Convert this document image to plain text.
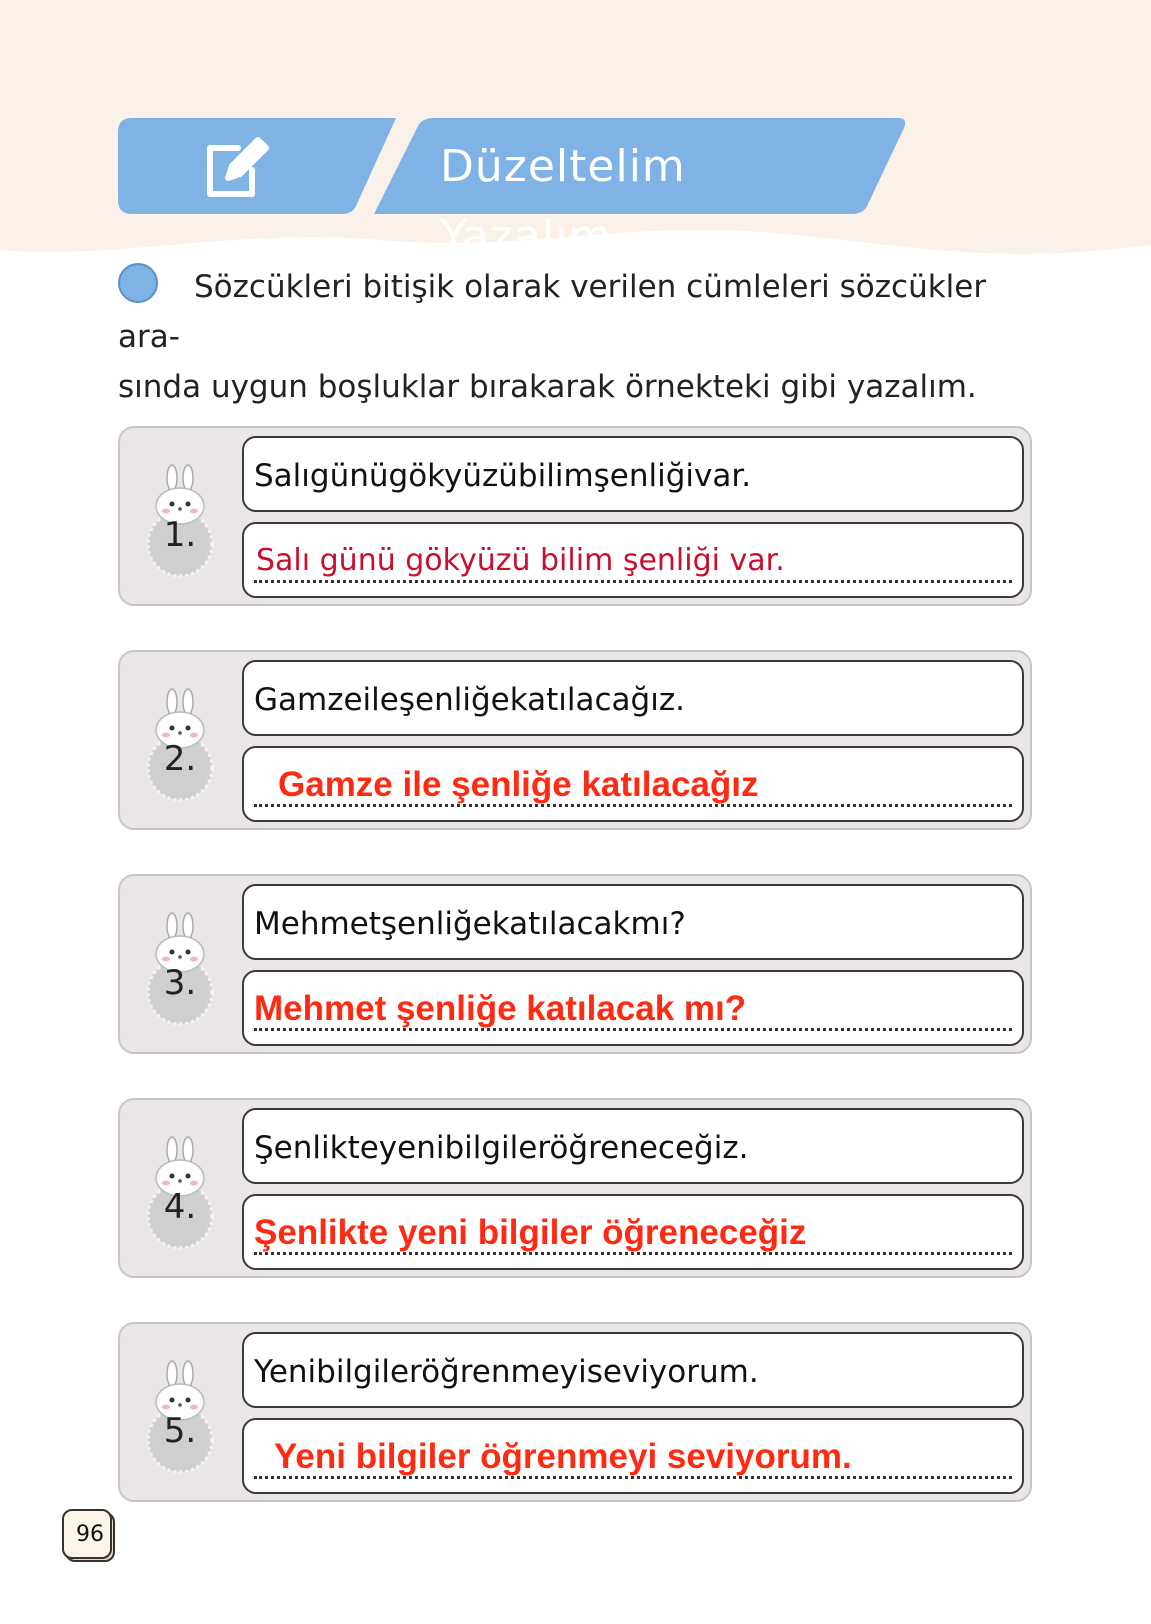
Düzeltelim Yazalım
Sözcükleri bitişik olarak verilen cümleleri sözcükler ara-
sında uygun boşluklar bırakarak örnekteki gibi yazalım.
1.
Salıgünügökyüzübilimşenliğivar.
Salı günü gökyüzü bilim şenliği var.
2.
Gamzeileşenliğekatılacağız.
Gamze ile şenliğe katılacağız
3.
Mehmetşenliğekatılacakmı?
Mehmet şenliğe katılacak mı?
4.
Şenlikteyenibilgileröğreneceğiz.
Şenlikte yeni bilgiler öğreneceğiz
5.
Yenibilgileröğrenmeyiseviyorum.
Yeni bilgiler öğrenmeyi seviyorum.
96
